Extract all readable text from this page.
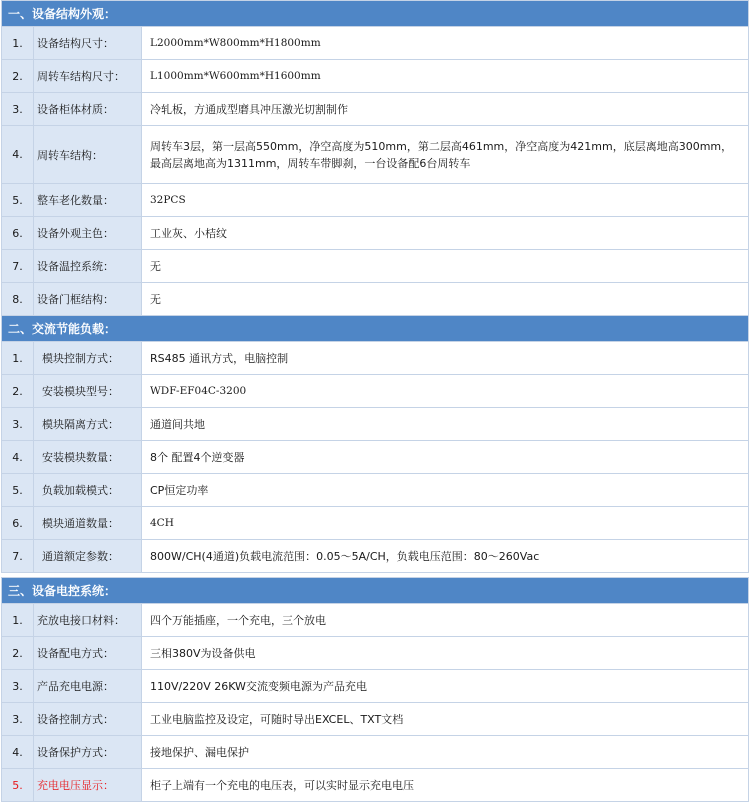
一、设备结构外观：		
1.	设备结构尺寸：	L2000mm*W800mm*H1800mm
2.	周转车结构尺寸：	L1000mm*W600mm*H1600mm
3.	设备柜体材质：	冷轧板，方通成型磨具冲压激光切割制作
4.	周转车结构：	周转车3层，第一层高550mm，净空高度为510mm，第二层高461mm，净空高度为421mm，底层离地高300mm，最高层离地高为1311mm，周转车带脚刹，一台设备配6台周转车
5.	整车老化数量：	32PCS
6.	设备外观主色：	工业灰、小桔纹
7.	设备温控系统：	无
8.	设备门框结构：	无
二、交流节能负载：		
1.	模块控制方式：	RS485 通讯方式，电脑控制
2.	安装模块型号：	WDF-EF04C-3200
3.	模块隔离方式：	通道间共地
4.	安装模块数量：	8个 配置4个逆变器
5.	负载加载模式：	CP恒定功率
6.	模块通道数量：	4CH
7.	通道额定参数：	800W/CH(4通道)负载电流范围：0.05～5A/CH，负载电压范围：80～260Vac

三、设备电控系统：		
1.	充放电接口材料：	四个万能插座，一个充电，三个放电
2.	设备配电方式：	三相380V为设备供电
3.	产品充电电源：	110V/220V 26KW交流变频电源为产品充电
3.	设备控制方式：	工业电脑监控及设定，可随时导出EXCEL、TXT文档
4.	设备保护方式：	接地保护、漏电保护
5.	充电电压显示：	柜子上端有一个充电的电压表，可以实时显示充电电压
